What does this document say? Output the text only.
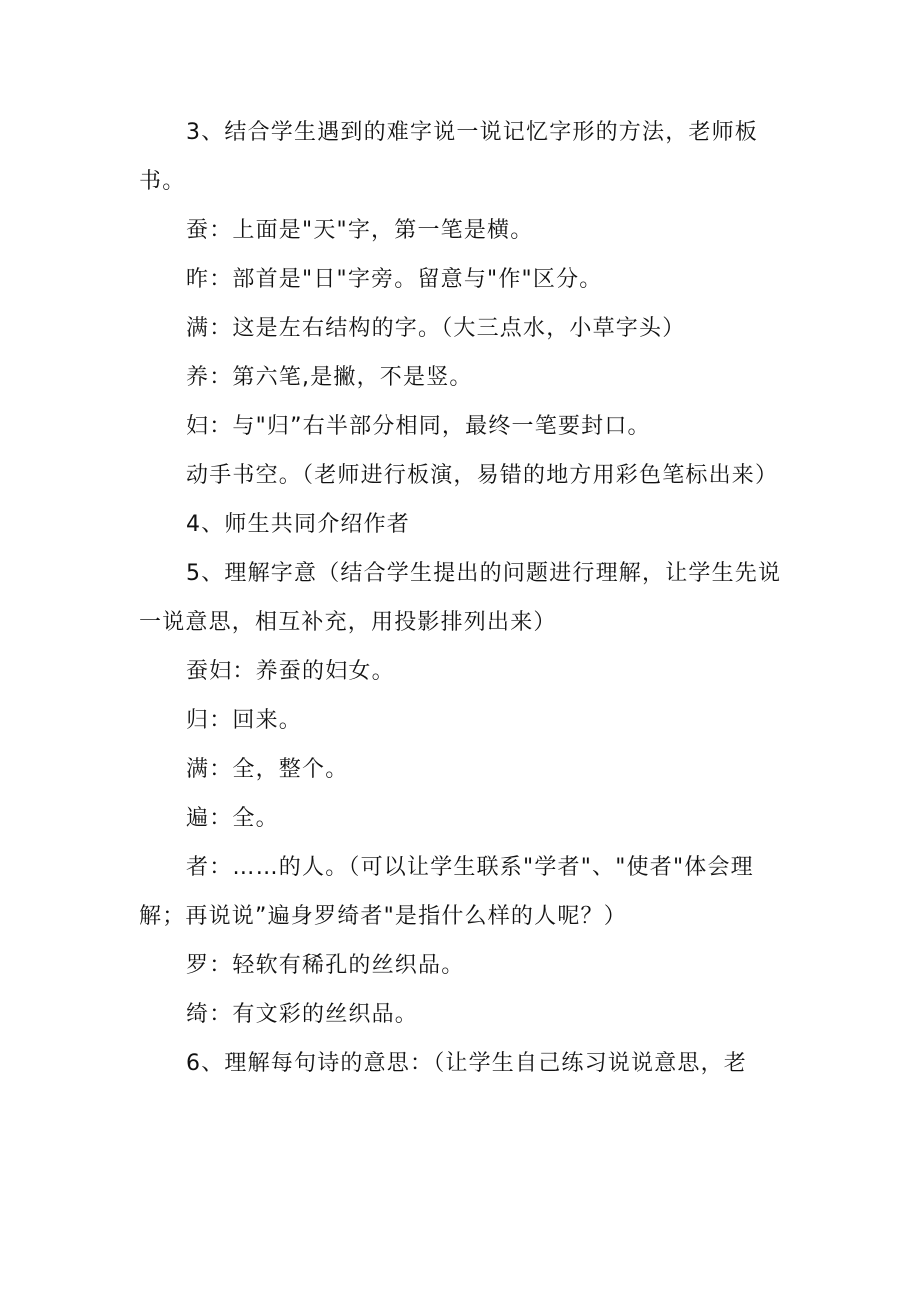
3、结合学生遇到的难字说一说记忆字形的方法，老师板书。

蚕：上面是"天"字，第一笔是横。

昨：部首是"日"字旁。留意与"作"区分。

满：这是左右结构的字。（大三点水，小草字头）

养：第六笔,是撇，不是竖。

妇：与"归”右半部分相同，最终一笔要封口。

动手书空。（老师进行板演，易错的地方用彩色笔标出来）

4、师生共同介绍作者

5、理解字意（结合学生提出的问题进行理解，让学生先说一说意思，相互补充，用投影排列出来）

蚕妇：养蚕的妇女。

归：回来。

满：全，整个。

遍：全。

者：……的人。（可以让学生联系"学者"、"使者"体会理解；再说说”遍身罗绮者"是指什么样的人呢？）

罗：轻软有稀孔的丝织品。

绮：有文彩的丝织品。

6、理解每句诗的意思：（让学生自己练习说说意思，老
